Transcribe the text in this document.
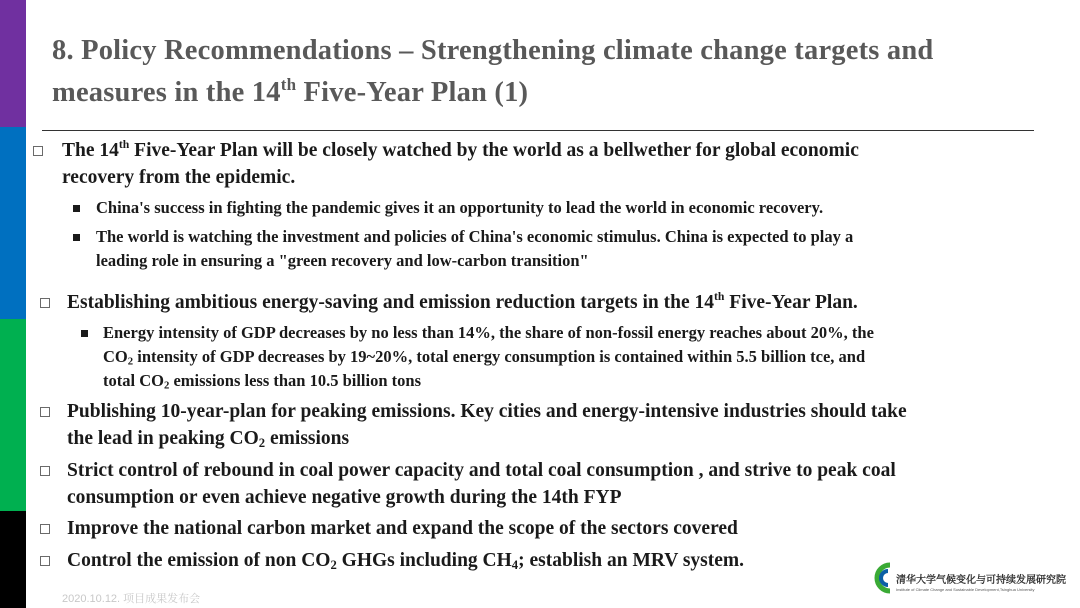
8. Policy Recommendations – Strengthening climate change targets and
measures in the 14th Five-Year Plan (1)
The 14th Five-Year Plan will be closely watched by the world as a bellwether for global economic
recovery from the epidemic.
China's success in fighting the pandemic gives it an opportunity to lead the world in economic recovery.
The world is watching the investment and policies of China's economic stimulus. China is expected to play a
leading role in ensuring a "green recovery and low-carbon transition"
Establishing ambitious energy-saving and emission reduction targets in the 14th Five-Year Plan.
Energy intensity of GDP decreases by no less than 14%, the share of non-fossil energy reaches about 20%, the
$CO_2$ intensity of GDP decreases by 19~20%, total energy consumption is contained within 5.5 billion tce, and
total $CO_2$ emissions less than 10.5 billion tons
Publishing 10-year-plan for peaking emissions. Key cities and energy-intensive industries should take
the lead in peaking $CO_2$ emissions
Strict control of rebound in coal power capacity and total coal consumption , and strive to peak coal
consumption or even achieve negative growth during the 14th FYP
Improve the national carbon market and expand the scope of the sectors covered
Control the emission of non $CO_2$ GHGs including $CH_4$; establish an MRV system.
2020.10.12. 项目成果发布会
清华大学气候变化与可持续发展研究院
Institute of Climate Change and Sustainable Development,Tsinghua University
